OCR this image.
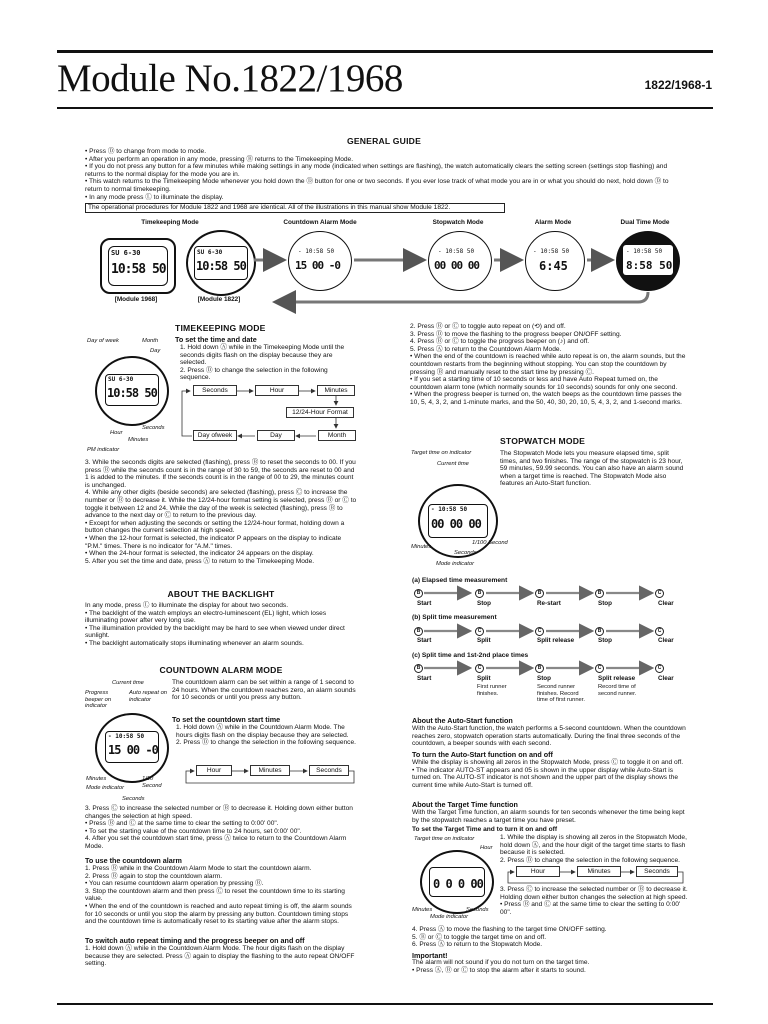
Module No.1822/1968	1822/1968-1
GENERAL GUIDE

• Press Ⓓ to change from mode to mode.

• After you perform an operation in any mode, pressing Ⓑ returns to the Timekeeping Mode.

• If you do not press any button for a few minutes while making settings in any mode (indicated when settings are flashing), the watch automatically clears the setting screen (settings stop flashing) and returns to the normal display for the mode you are in.

• This watch returns to the Timekeeping Mode whenever you hold down the Ⓓ button for one or two seconds. If you ever lose track of what mode you are in or what you should do next, hold down Ⓓ to return to normal timekeeping.

• In any mode press Ⓛ to illuminate the display.

The operational procedures for Module 1822 and 1968 are identical. All of the illustrations in this manual show Module 1822.
Timekeeping Mode	Countdown Alarm Mode	Stopwatch Mode	Alarm Mode	Dual Time Mode
SU 6-30
10:58 50
[Module 1968]
SU 6-30
10:58 50
[Module 1822]
- 10:58 50
15 00 -0
- 10:58 50
00 00 00
- 10:58 50
6:45
- 10:58 50
8:58 50
Day of week	Month
Day
SU 6-30
10:58 50
Seconds
Hour
Minutes
PM indicator
TIMEKEEPING MODE
To set the time and date

1. Hold down Ⓐ while in the Timekeeping Mode until the seconds digits flash on the display because they are selected.

2. Press Ⓓ to change the selection in the following sequence.

Seconds	Hour	Minutes
12/24-Hour Format
Day ofweek	Day	Month

3. While the seconds digits are selected (flashing), press Ⓑ to reset the seconds to 00. If you press Ⓑ while the seconds count is in the range of 30 to 59, the seconds are reset to 00 and 1 is added to the minutes. If the seconds count is in the range of 00 to 29, the minutes count is unchanged.

4. While any other digits (beside seconds) are selected (flashing), press Ⓒ to increase the number or Ⓑ to decrease it. While the 12/24-hour format setting is selected, press Ⓑ or Ⓒ to toggle it between 12 and 24. While the day of the week is selected (flashing), press Ⓑ to advance to the next day or Ⓒ to return to the previous day.

• Except for when adjusting the seconds or setting the 12/24-hour format, holding down a button changes the current selection at high speed.

• When the 12-hour format is selected, the indicator P appears on the display to indicate "P.M." times. There is no indicator for "A.M." times.

• When the 24-hour format is selected, the indicator 24 appears on the display.

5. After you set the time and date, press Ⓐ to return to the Timekeeping Mode.

ABOUT THE BACKLIGHT

In any mode, press Ⓛ to illuminate the display for about two seconds.

• The backlight of the watch employs an electro-luminescent (EL) light, which loses illuminating power after very long use.

• The illumination provided by the backlight may be hard to see when viewed under direct sunlight.

• The backlight automatically stops illuminating whenever an alarm sounds.

COUNTDOWN ALARM MODE
Current time
Progress beeper on indicator
Auto repeat on indicator
- 10:58 50
15 00 -0
Minutes	1/10 Second
Mode indicator
Seconds
The countdown alarm can be set within a range of 1 second to 24 hours. When the countdown reaches zero, an alarm sounds for 10 seconds or until you press any button.
To set the countdown start time

1. Hold down Ⓐ while in the Countdown Alarm Mode. The hours digits flash on the display because they are selected.

2. Press Ⓓ to change the selection in the following sequence.

Hour	Minutes	Seconds

3. Press Ⓒ to increase the selected number or Ⓑ to decrease it. Holding down either button changes the selection at high speed.

• Press Ⓑ and Ⓒ at the same time to clear the setting to 0:00' 00".

• To set the starting value of the countdown time to 24 hours, set 0:00' 00".

4. After you set the countdown start time, press Ⓐ twice to return to the Countdown Alarm Mode.

To use the countdown alarm

1. Press Ⓑ while in the Countdown Alarm Mode to start the countdown alarm.

2. Press Ⓑ again to stop the countdown alarm.

• You can resume countdown alarm operation by pressing Ⓑ.

3. Stop the countdown alarm and then press Ⓒ to reset the countdown time to its starting value.

• When the end of the countdown is reached and auto repeat timing is off, the alarm sounds for 10 seconds or until you stop the alarm by pressing any button. Countdown timing stops and the countdown time is automatically reset to its starting value after the alarm stops.

To switch auto repeat timing and the progress beeper on and off

1. Hold down Ⓐ while in the Countdown Alarm Mode. The hour digits flash on the display because they are selected. Press Ⓐ again to display the flashing to the auto repeat ON/OFF setting.

2. Press Ⓑ or Ⓒ to toggle auto repeat on (⟲) and off.

3. Press Ⓓ to move the flashing to the progress beeper ON/OFF setting.

4. Press Ⓑ or Ⓒ to toggle the progress beeper on (♪) and off.

5. Press Ⓐ to return to the Countdown Alarm Mode.

• When the end of the countdown is reached while auto repeat is on, the alarm sounds, but the countdown restarts from the beginning without stopping. You can stop the countdown by pressing Ⓑ and manually reset to the start time by pressing Ⓒ.

• If you set a starting time of 10 seconds or less and have Auto Repeat turned on, the countdown alarm tone (which normally sounds for 10 seconds) sounds for only one second.

• When the progress beeper is turned on, the watch beeps as the countdown time passes the 10, 5, 4, 3, 2, and 1-minute marks, and the 50, 40, 30, 20, 10, 5, 4, 3, 2, and 1-second marks.

STOPWATCH MODE
Target time on indicator
Current time
- 10:58 50
00 00 00
Minutes
Seconds
1/100 Second
Mode indicator
The Stopwatch Mode lets you measure elapsed time, split times, and two finishes. The range of the stopwatch is 23 hour, 59 minutes, 59.99 seconds. You can also have an alarm sound when a target time is reached. The Stopwatch Mode also features an Auto-Start function.
(a) Elapsed time measurement
(b) Split time measurement
(c) Split time and 1st-2nd place times
B	B	B	B	C
B	C	C	B	C
B	C	B	C	C
Start	Stop	Re-start	Stop	Clear
Start	Split	Split release	Stop	Clear
Start	Split	Stop	Split release	Clear
First runner finishes.
Second runner finishes. Record time of first runner.
Record time of second runner.
About the Auto-Start function
With the Auto-Start function, the watch performs a 5-second countdown. When the countdown reaches zero, stopwatch operation starts automatically. During the final three seconds of the countdown, a beeper sounds with each second.
To turn the Auto-Start function on and off

While the display is showing all zeros in the Stopwatch Mode, press Ⓒ to toggle it on and off.

• The indicator AUTO-ST appears and 05 is shown in the upper display while Auto-Start is turned on. The AUTO-ST indicator is not shown and the upper part of the display shows the current time while Auto-Start is turned off.

About the Target Time function
With the Target Time function, an alarm sounds for ten seconds whenever the time being kept by the stopwatch reaches a target time you have preset.
To set the Target Time and to turn it on and off
Target time on indicator
Hour
0 0 0 00
Minutes	Seconds
Mode indicator

1. While the display is showing all zeros in the Stopwatch Mode, hold down Ⓐ, and the hour digit of the target time starts to flash because it is selected.

2. Press Ⓓ to change the selection in the following sequence.

Hour	Minutes	Seconds

3. Press Ⓒ to increase the selected number or Ⓑ to decrease it. Holding down either button changes the selection at high speed.

• Press Ⓑ and Ⓒ at the same time to clear the setting to 0:00' 00".

4. Press Ⓐ to move the flashing to the target time ON/OFF setting.

5. Ⓑ or Ⓒ to toggle the target time on and off.

6. Press Ⓐ to return to the Stopwatch Mode.

Important!

The alarm will not sound if you do not turn on the target time.

• Press Ⓐ, Ⓑ or Ⓒ to stop the alarm after it starts to sound.
